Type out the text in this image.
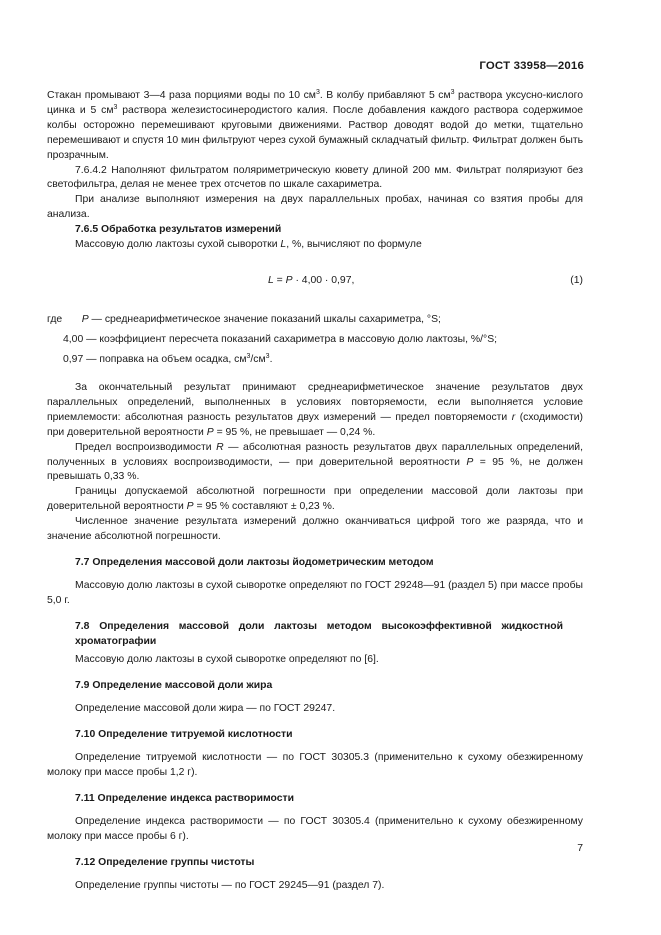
ГОСТ 33958—2016

Стакан промывают 3—4 раза порциями воды по 10 $см^3$. В колбу прибавляют 5 $см^3$ раствора уксусно-кислого цинка и 5 $см^3$ раствора железистосинеродистого калия. После добавления каждого раствора содержимое колбы осторожно перемешивают круговыми движениями. Раствор доводят водой до метки, тщательно перемешивают и спустя 10 мин фильтруют через сухой бумажный складчатый фильтр. Фильтрат должен быть прозрачным.

7.6.4.2 Наполняют фильтратом поляриметрическую кювету длиной 200 мм. Фильтрат поляризуют без светофильтра, делая не менее трех отсчетов по шкале сахариметра.

При анализе выполняют измерения на двух параллельных пробах, начиная со взятия пробы для анализа.

7.6.5 Обработка результатов измерений

Массовую долю лактозы сухой сыворотки L, %, вычисляют по формуле

L = P · 4,00 · 0,97,	(1)
где    P — среднеарифметическое значение показаний шкалы сахариметра, °S;
4,00 — коэффициент пересчета показаний сахариметра в массовую долю лактозы, %/°S;
0,97 — поправка на объем осадка, $см^3/см^3$.

За окончательный результат принимают среднеарифметическое значение результатов двух параллельных определений, выполненных в условиях повторяемости, если выполняется условие приемлемости: абсолютная разность результатов двух измерений — предел повторяемости r (сходимости) при доверительной вероятности P = 95 %, не превышает — 0,24 %.

Предел воспроизводимости R — абсолютная разность результатов двух параллельных определений, полученных в условиях воспроизводимости, — при доверительной вероятности P = 95 %, не должен превышать 0,33 %.

Границы допускаемой абсолютной погрешности при определении массовой доли лактозы при доверительной вероятности P = 95 % составляют ± 0,23 %.

Численное значение результата измерений должно оканчиваться цифрой того же разряда, что и значение абсолютной погрешности.

7.7 Определения массовой доли лактозы йодометрическим методом

Массовую долю лактозы в сухой сыворотке определяют по ГОСТ 29248—91 (раздел 5) при массе пробы 5,0 г.

7.8 Определения массовой доли лактозы методом высокоэффективной жидкостной хроматографии

Массовую долю лактозы в сухой сыворотке определяют по [6].

7.9 Определение массовой доли жира

Определение массовой доли жира — по ГОСТ 29247.

7.10 Определение титруемой кислотности

Определение титруемой кислотности — по ГОСТ 30305.3 (применительно к сухому обезжиренному молоку при массе пробы 1,2 г).

7.11 Определение индекса растворимости

Определение индекса растворимости — по ГОСТ 30305.4 (применительно к сухому обезжиренному молоку при массе пробы 6 г).

7.12 Определение группы чистоты

Определение группы чистоты — по ГОСТ 29245—91 (раздел 7).

7
